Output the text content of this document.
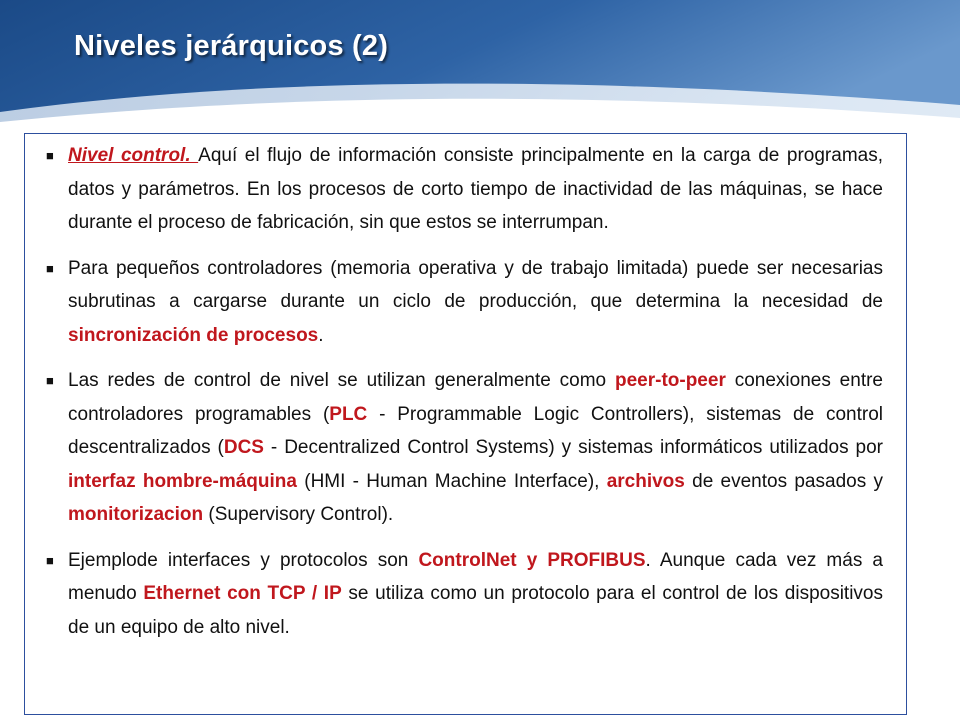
Niveles jerárquicos (2)
■ Nivel control. Aquí el flujo de información consiste principalmente en la carga de programas, datos y parámetros. En los procesos de corto tiempo de inactividad de las máquinas, se hace durante el proceso de fabricación, sin que estos se interrumpan.
■ Para pequeños controladores (memoria operativa y de trabajo limitada) puede ser necesarias subrutinas a cargarse durante un ciclo de producción, que determina la necesidad de sincronización de procesos.
■ Las redes de control de nivel se utilizan generalmente como peer-to-peer conexiones entre controladores programables (PLC - Programmable Logic Controllers), sistemas de control descentralizados (DCS - Decentralized Control Systems) y sistemas informáticos utilizados por interfaz hombre-máquina (HMI - Human Machine Interface), archivos de eventos pasados y monitorizacion (Supervisory Control).
■ Ejemplode interfaces y protocolos son ControlNet y PROFIBUS. Aunque cada vez más a menudo Ethernet con TCP / IP se utiliza como un protocolo para el control de los dispositivos de un equipo de alto nivel.
